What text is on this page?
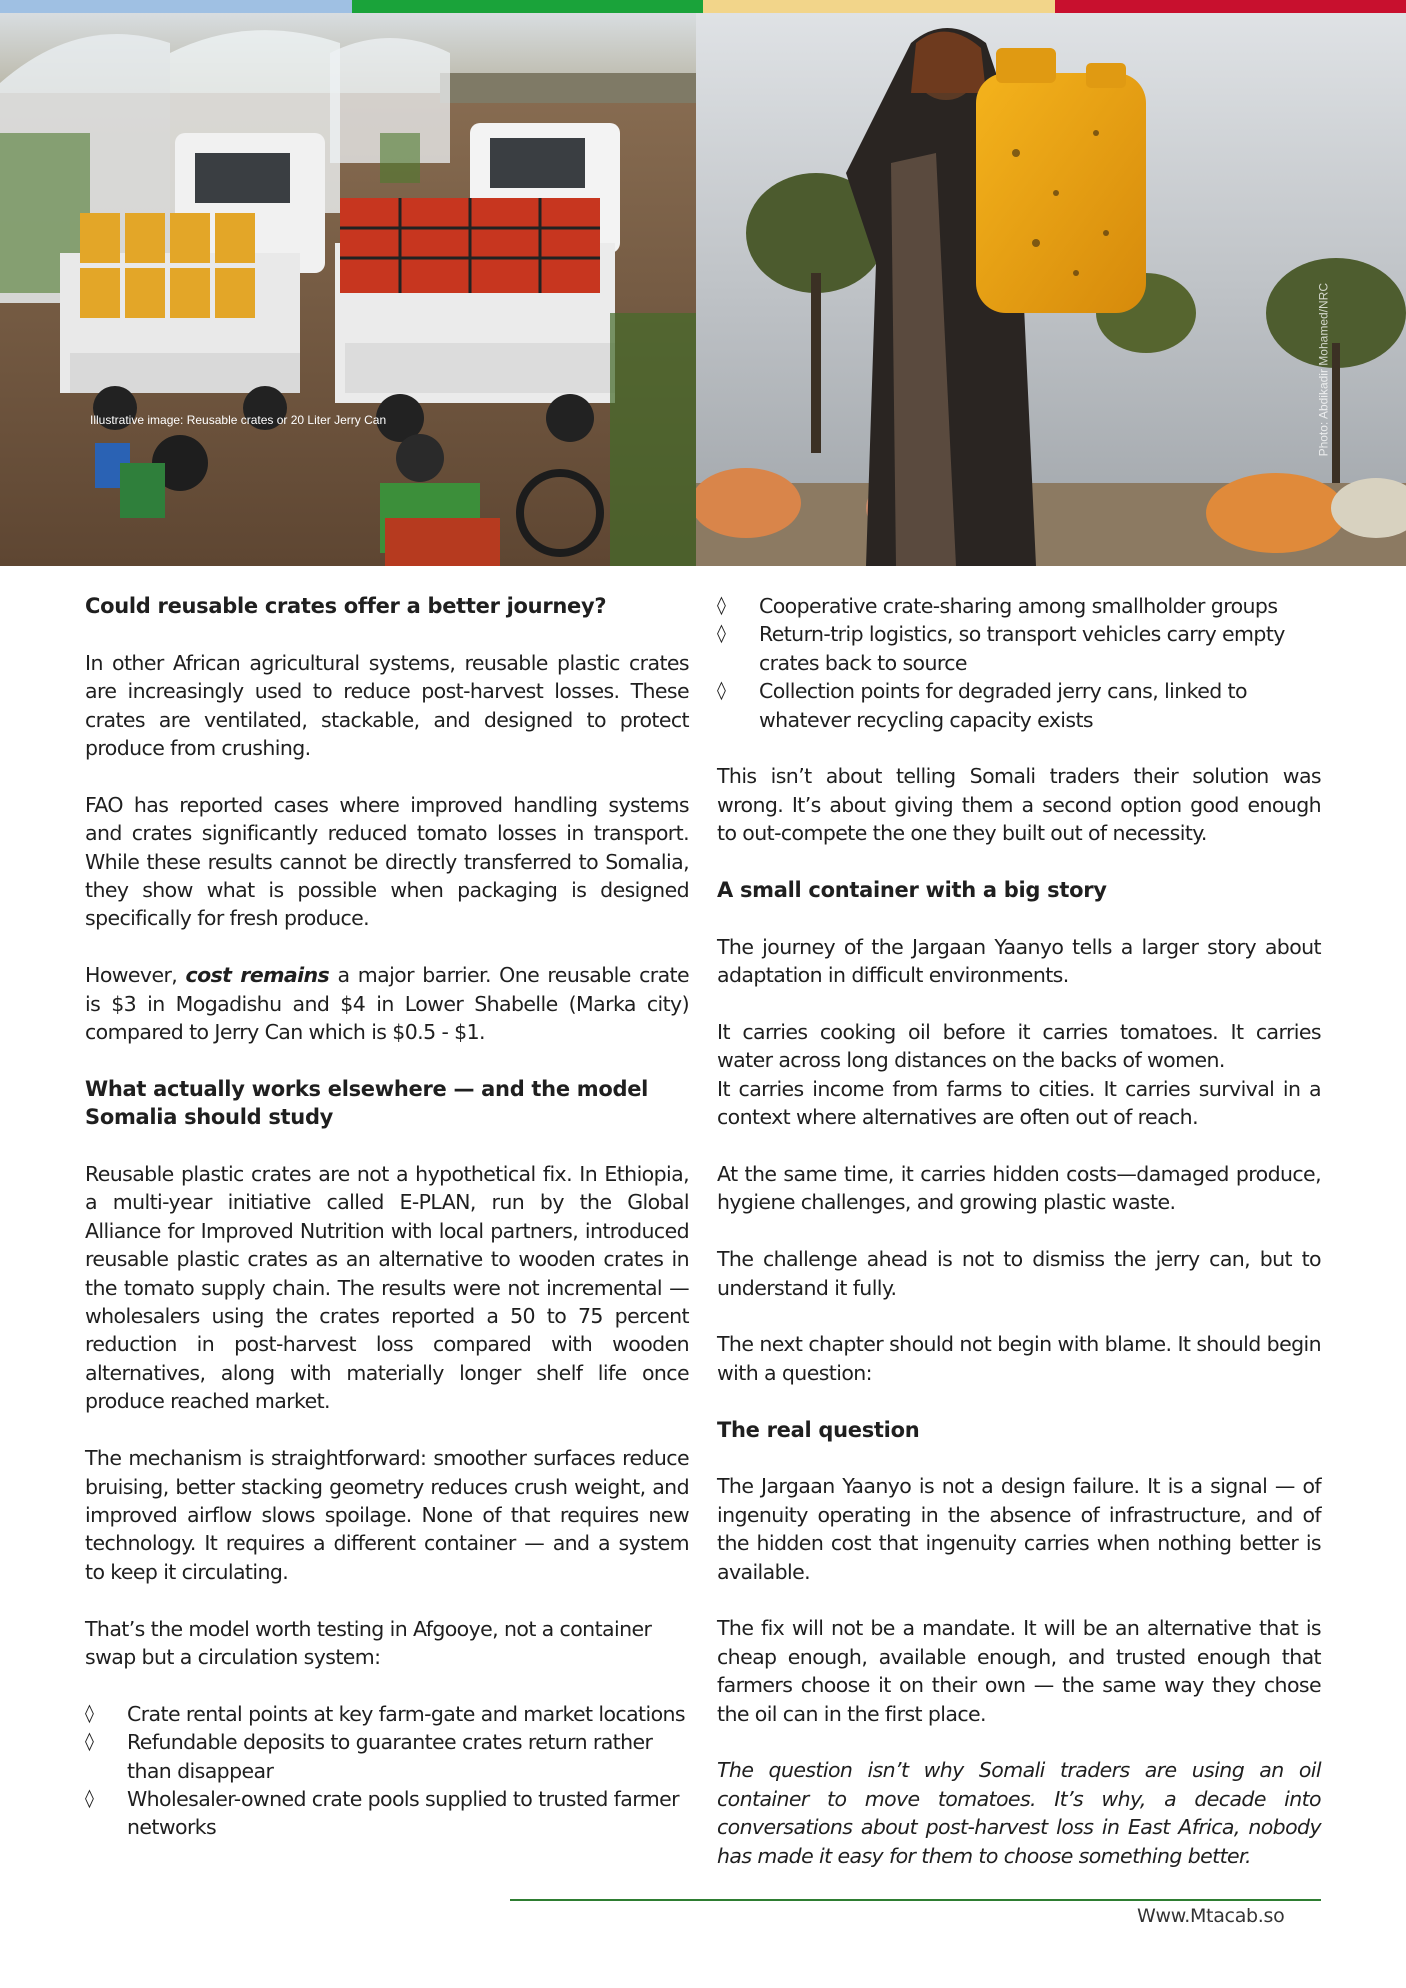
Illustrative image: Reusable crates or 20 Liter Jerry Can	Photo: Abdikadir Mohamed/NRC
Could reusable crates offer a better journey?

In other African agricultural systems, reusable plastic crates are increasingly used to reduce post-harvest losses. These crates are ventilated, stackable, and designed to protect produce from crushing.

FAO has reported cases where improved handling systems and crates significantly reduced tomato losses in transport. While these results cannot be directly transferred to Somalia, they show what is possible when packaging is designed specifically for fresh produce.

However, cost remains a major barrier. One reusable crate is $3 in Mogadishu and $4 in Lower Shabelle (Marka city) compared to Jerry Can which is $0.5 - $1.

What actually works elsewhere — and the model Somalia should study

Reusable plastic crates are not a hypothetical fix. In Ethiopia, a multi-year initiative called E-PLAN, run by the Global Alliance for Improved Nutrition with local partners, introduced reusable plastic crates as an alternative to wooden crates in the tomato supply chain. The results were not incremental — wholesalers using the crates reported a 50 to 75 percent reduction in post-harvest loss compared with wooden alternatives, along with materially longer shelf life once produce reached market.

The mechanism is straightforward: smoother surfaces reduce bruising, better stacking geometry reduces crush weight, and improved airflow slows spoilage. None of that requires new technology. It requires a different container — and a system to keep it circulating.

That’s the model worth testing in Afgooye, not a container swap but a circulation system:

◊ Crate rental points at key farm-gate and market locations
◊ Refundable deposits to guarantee crates return rather than disappear
◊ Wholesaler-owned crate pools supplied to trusted farmer networks
◊ Cooperative crate-sharing among smallholder groups
◊ Return-trip logistics, so transport vehicles carry empty crates back to source
◊ Collection points for degraded jerry cans, linked to whatever recycling capacity exists

This isn’t about telling Somali traders their solution was wrong. It’s about giving them a second option good enough to out-compete the one they built out of necessity.

A small container with a big story

The journey of the Jargaan Yaanyo tells a larger story about adaptation in difficult environments.

It carries cooking oil before it carries tomatoes. It carries water across long distances on the backs of women.
It carries income from farms to cities. It carries survival in a context where alternatives are often out of reach.

At the same time, it carries hidden costs—damaged produce, hygiene challenges, and growing plastic waste.

The challenge ahead is not to dismiss the jerry can, but to understand it fully.

The next chapter should not begin with blame. It should begin with a question:

The real question

The Jargaan Yaanyo is not a design failure. It is a signal — of ingenuity operating in the absence of infrastructure, and of the hidden cost that ingenuity carries when nothing better is available.

The fix will not be a mandate. It will be an alternative that is cheap enough, available enough, and trusted enough that farmers choose it on their own — the same way they chose the oil can in the first place.

The question isn’t why Somali traders are using an oil container to move tomatoes. It’s why, a decade into conversations about post-harvest loss in East Africa, nobody has made it easy for them to choose something better.

Www.Mtacab.so
